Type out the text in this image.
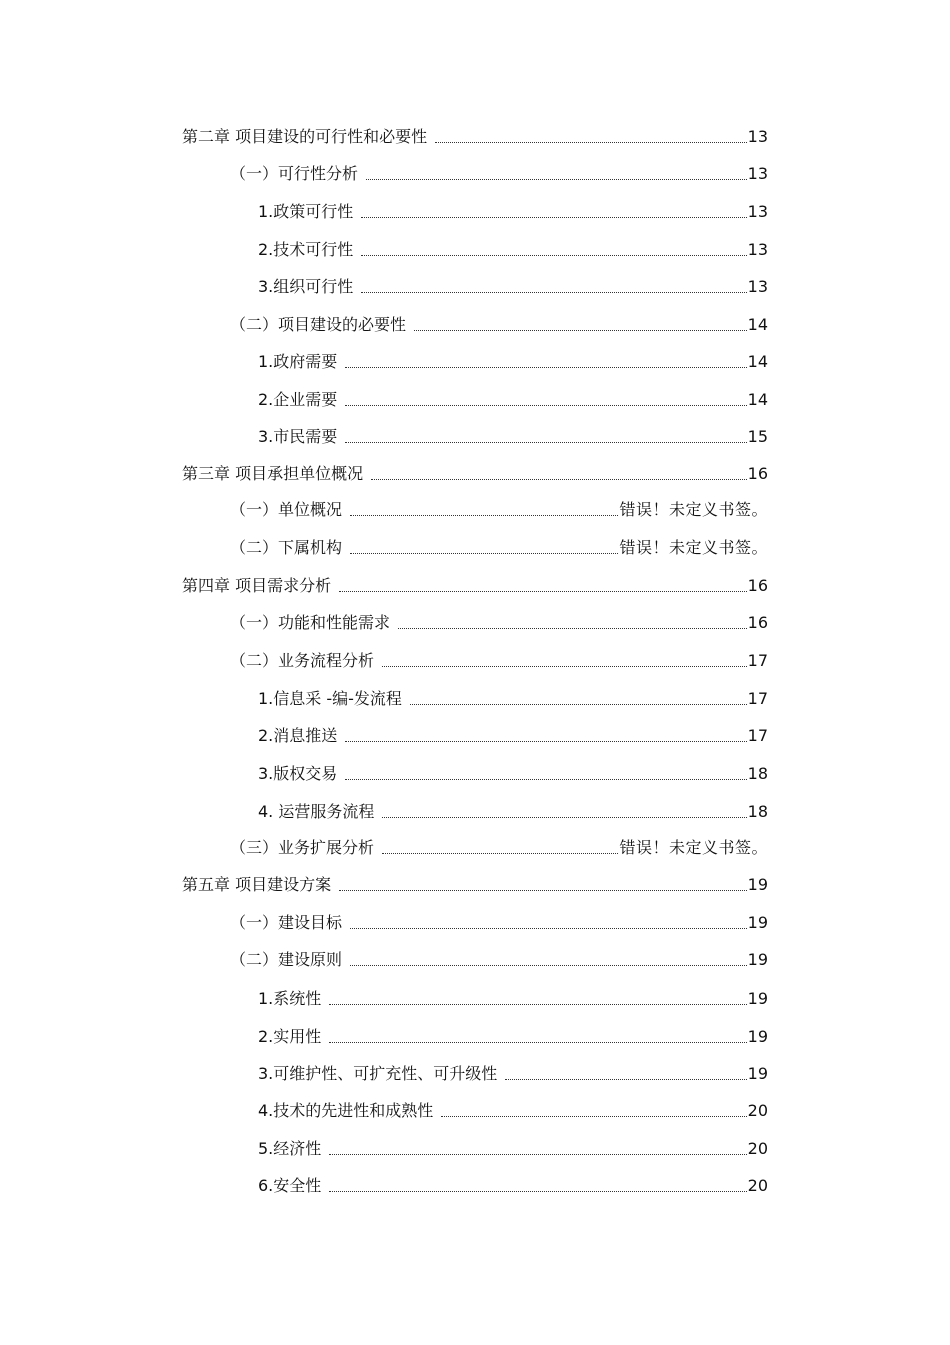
第二章 项目建设的可行性和必要性	13
（一）可行性分析	13
1.政策可行性	13
2.技术可行性	13
3.组织可行性	13
（二）项目建设的必要性	14
1.政府需要	14
2.企业需要	14
3.市民需要	15
第三章 项目承担单位概况	16
（一）单位概况	错误！未定义书签。
（二）下属机构	错误！未定义书签。
第四章 项目需求分析	16
（一）功能和性能需求	16
（二）业务流程分析	17
1.信息采 -编-发流程	17
2.消息推送	17
3.版权交易	18
4. 运营服务流程	18
（三）业务扩展分析	错误！未定义书签。
第五章 项目建设方案	19
（一）建设目标	19
（二）建设原则	19
1.系统性	19
2.实用性	19
3.可维护性、可扩充性、可升级性	19
4.技术的先进性和成熟性	20
5.经济性	20
6.安全性	20
